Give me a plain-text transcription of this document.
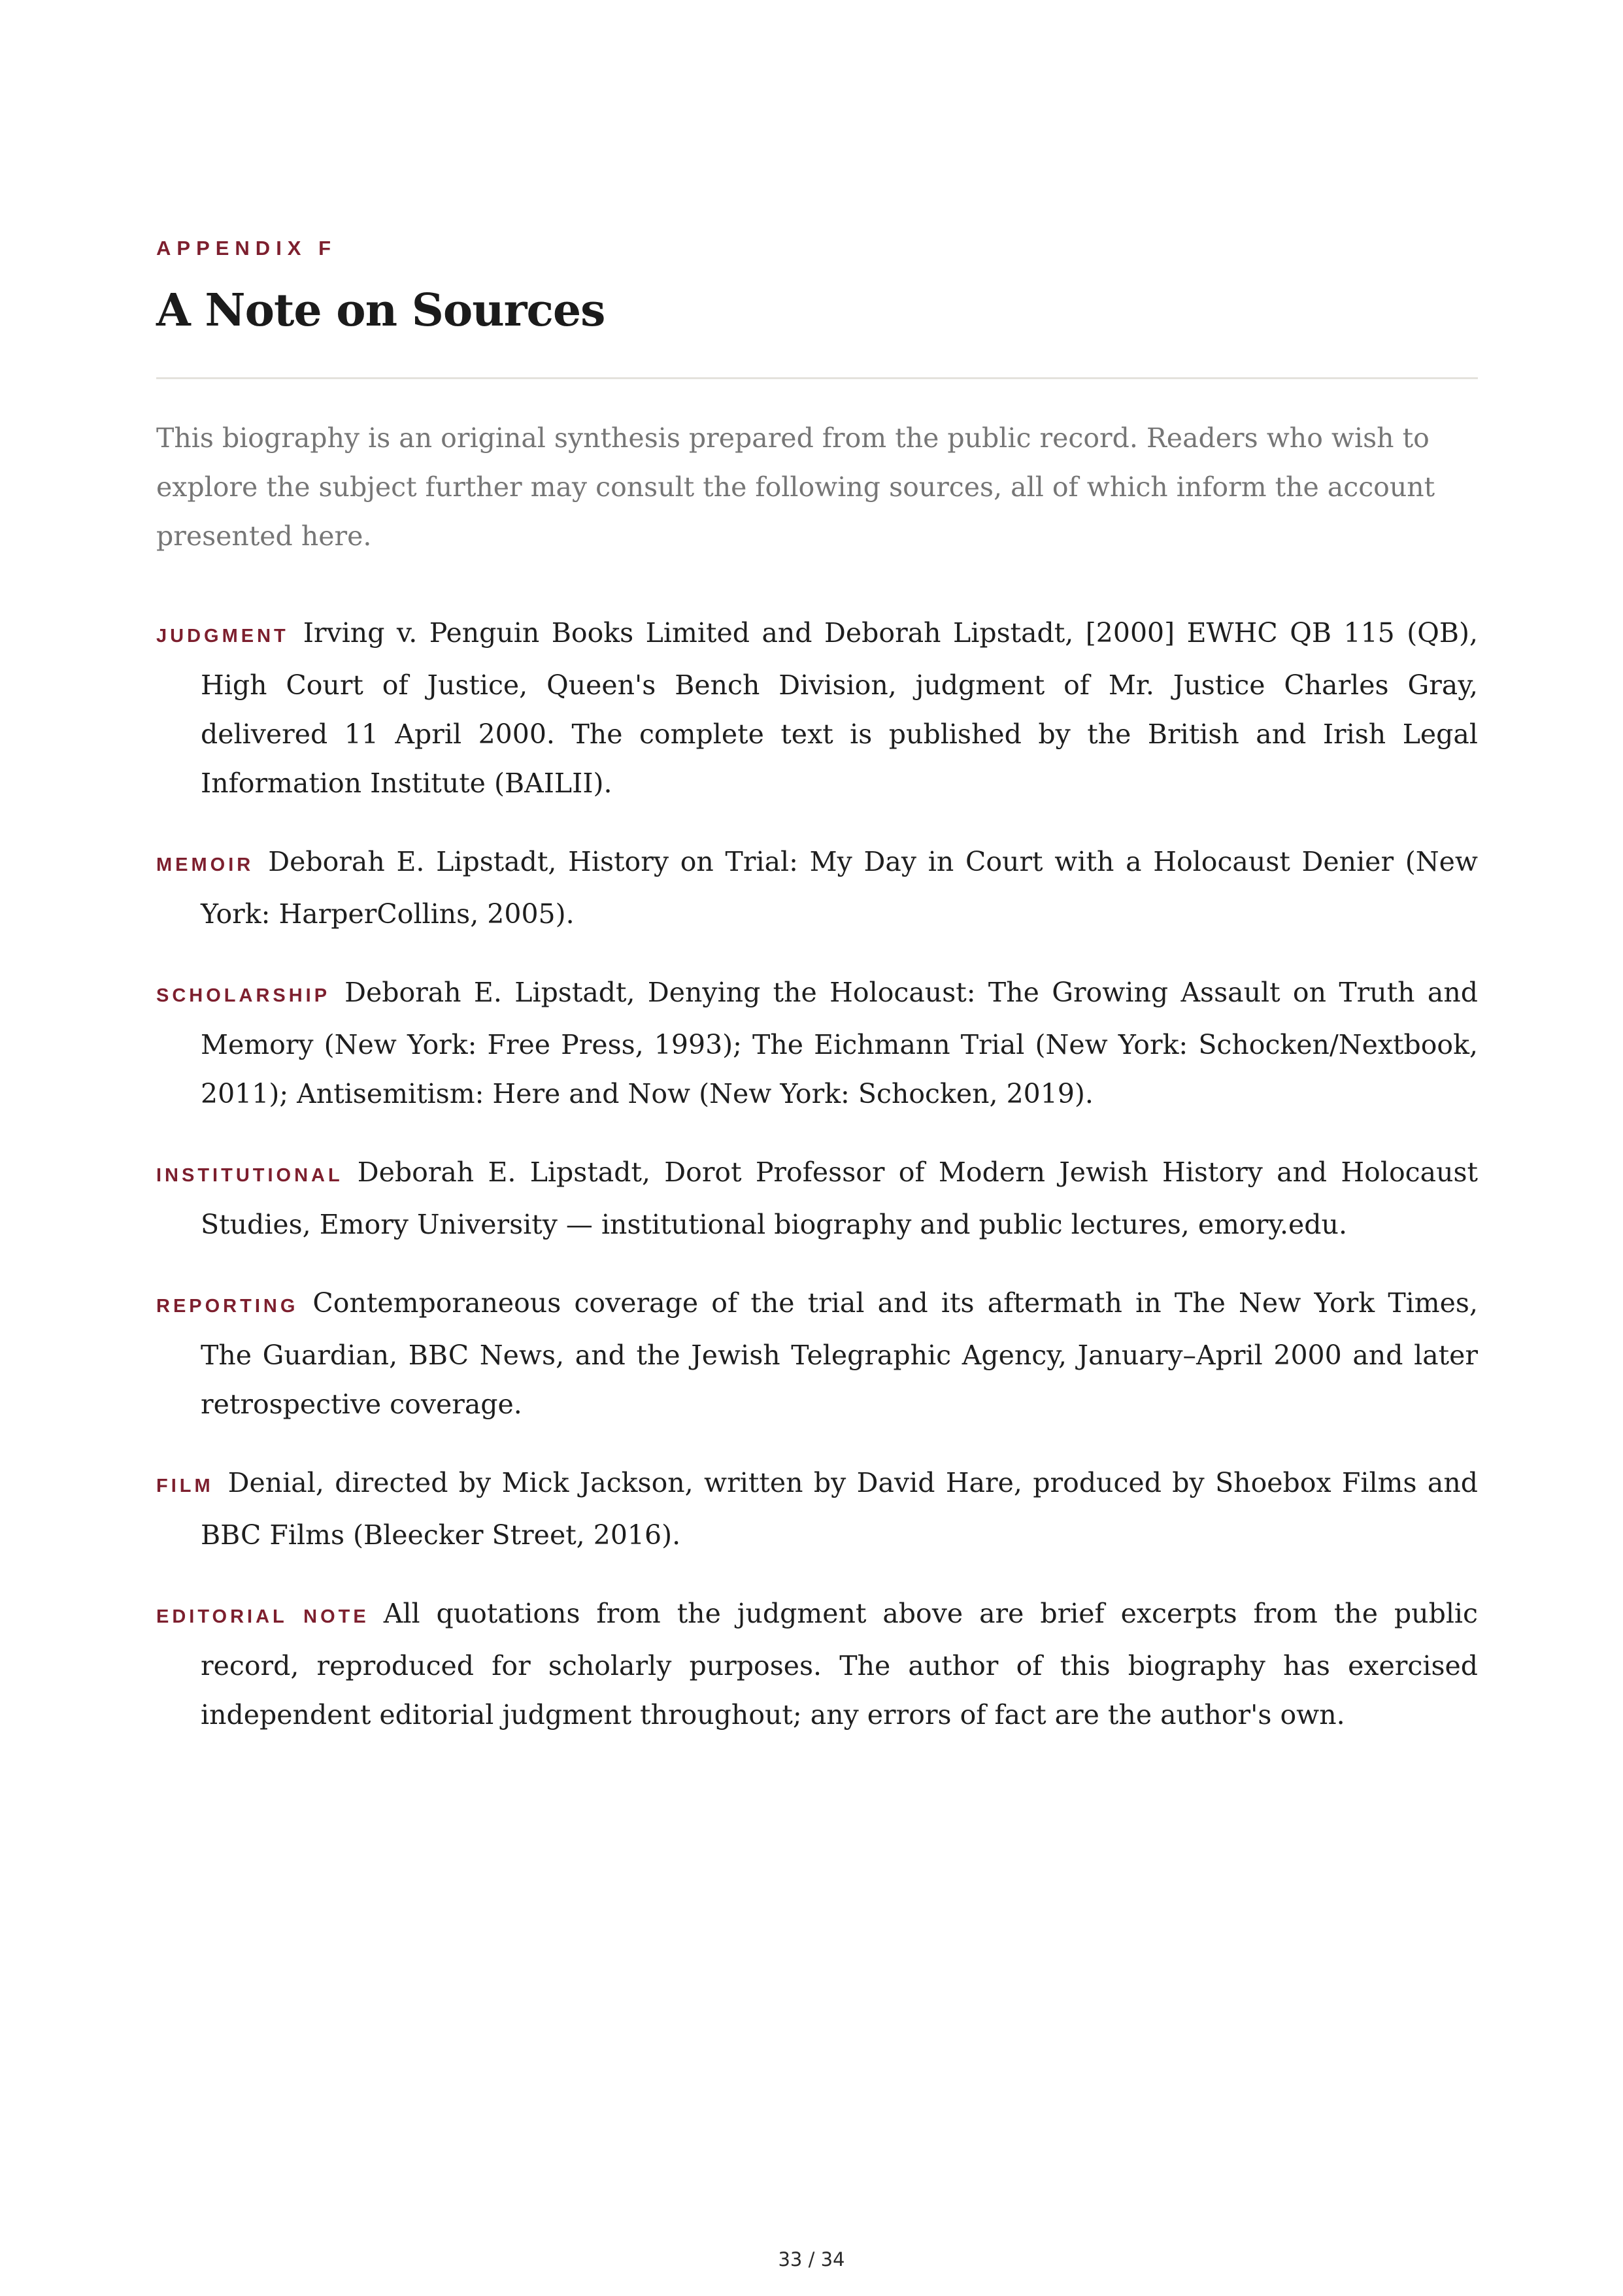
APPENDIX F
A Note on Sources

This biography is an original synthesis prepared from the public record. Readers who wish to explore the subject further may consult the following sources, all of which inform the account presented here.

JUDGMENT Irving v. Penguin Books Limited and Deborah Lipstadt, [2000] EWHC QB 115 (QB), High Court of Justice, Queen's Bench Division, judgment of Mr. Justice Charles Gray, delivered 11 April 2000. The complete text is published by the British and Irish Legal Information Institute (BAILII).
MEMOIR Deborah E. Lipstadt, History on Trial: My Day in Court with a Holocaust Denier (New York: HarperCollins, 2005).
SCHOLARSHIP Deborah E. Lipstadt, Denying the Holocaust: The Growing Assault on Truth and Memory (New York: Free Press, 1993); The Eichmann Trial (New York: Schocken/Nextbook, 2011); Antisemitism: Here and Now (New York: Schocken, 2019).
INSTITUTIONAL Deborah E. Lipstadt, Dorot Professor of Modern Jewish History and Holocaust Studies, Emory University — institutional biography and public lectures, emory.edu.
REPORTING Contemporaneous coverage of the trial and its aftermath in The New York Times, The Guardian, BBC News, and the Jewish Telegraphic Agency, January–April 2000 and later retrospective coverage.
FILM Denial, directed by Mick Jackson, written by David Hare, produced by Shoebox Films and BBC Films (Bleecker Street, 2016).
EDITORIAL NOTE All quotations from the judgment above are brief excerpts from the public record, reproduced for scholarly purposes. The author of this biography has exercised independent editorial judgment throughout; any errors of fact are the author's own.
33 / 34
